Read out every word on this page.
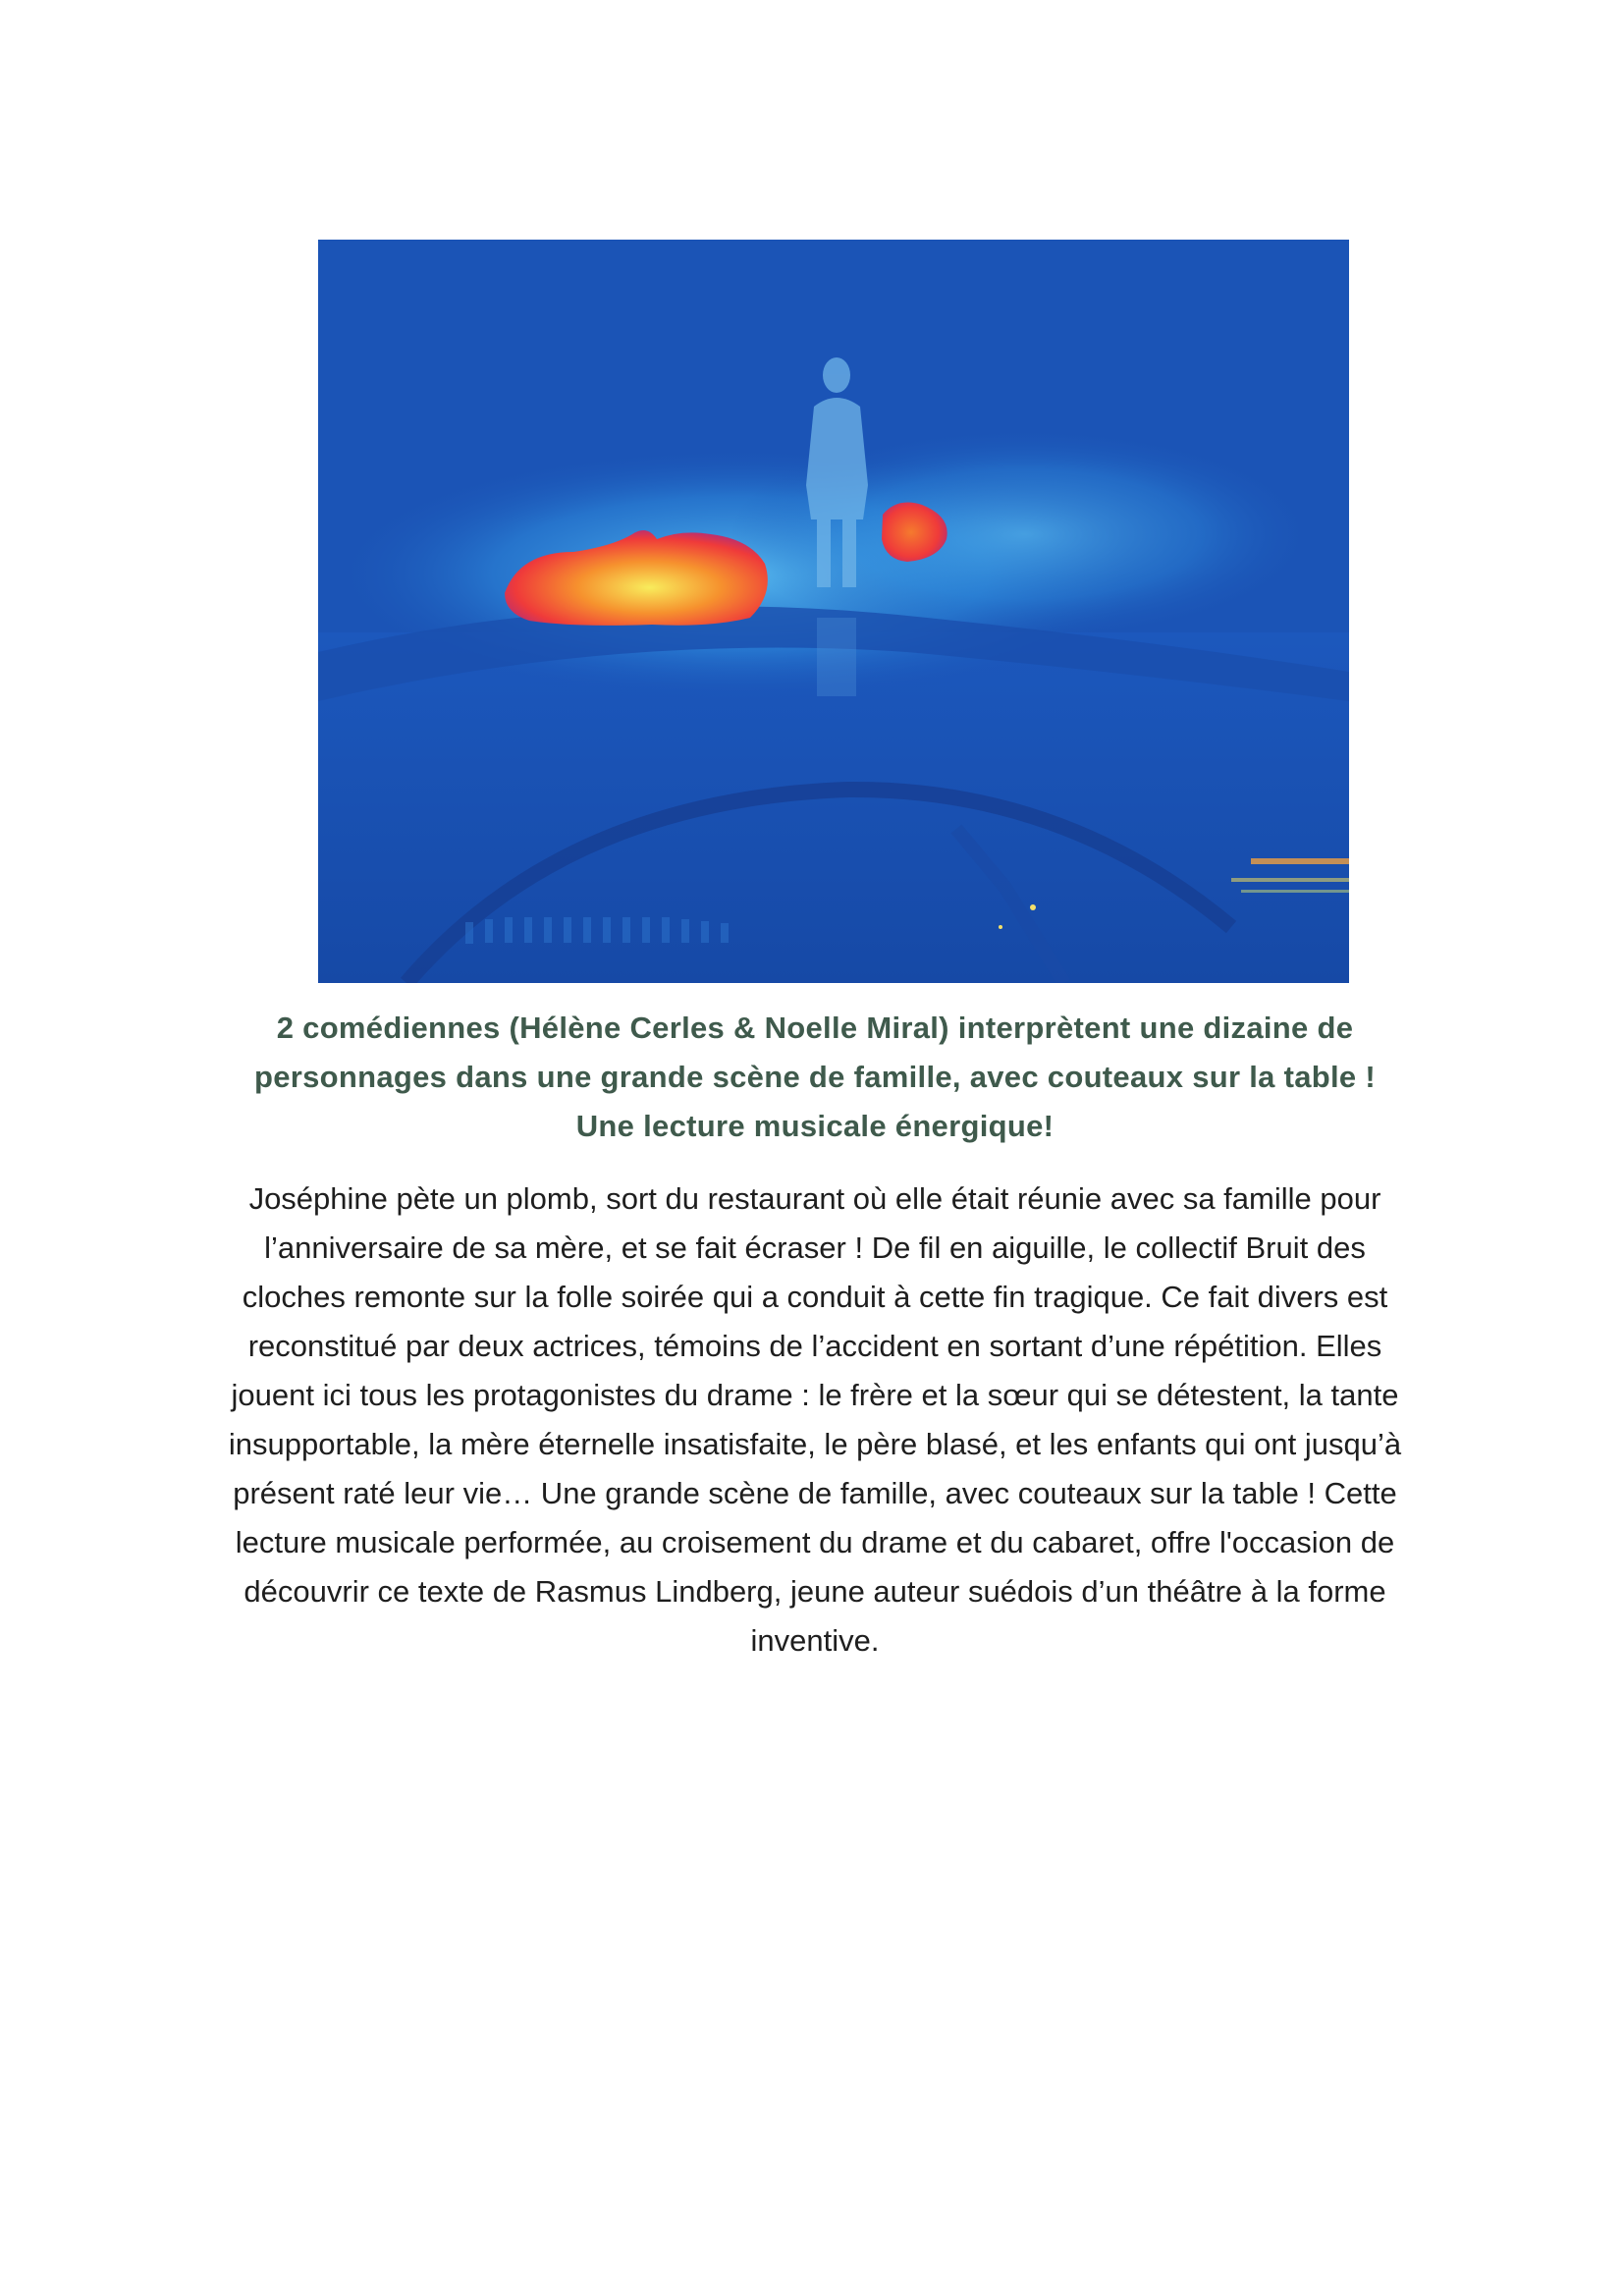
2 comédiennes (Hélène Cerles & Noelle Miral) interprètent une dizaine de personnages dans une grande scène de famille, avec couteaux sur la table ! Une lecture musicale énergique!

Joséphine pète un plomb, sort du restaurant où elle était réunie avec sa famille pour l’anniversaire de sa mère, et se fait écraser ! De fil en aiguille, le collectif Bruit des cloches remonte sur la folle soirée qui a conduit à cette fin tragique. Ce fait divers est reconstitué par deux actrices, témoins de l’accident en sortant d’une répétition. Elles jouent ici tous les protagonistes du drame : le frère et la sœur qui se détestent, la tante insupportable, la mère éternelle insatisfaite, le père blasé, et les enfants qui ont jusqu’à présent raté leur vie… Une grande scène de famille, avec couteaux sur la table ! Cette lecture musicale performée, au croisement du drame et du cabaret, offre l'occasion de découvrir ce texte de Rasmus Lindberg, jeune auteur suédois d’un théâtre à la forme inventive.
